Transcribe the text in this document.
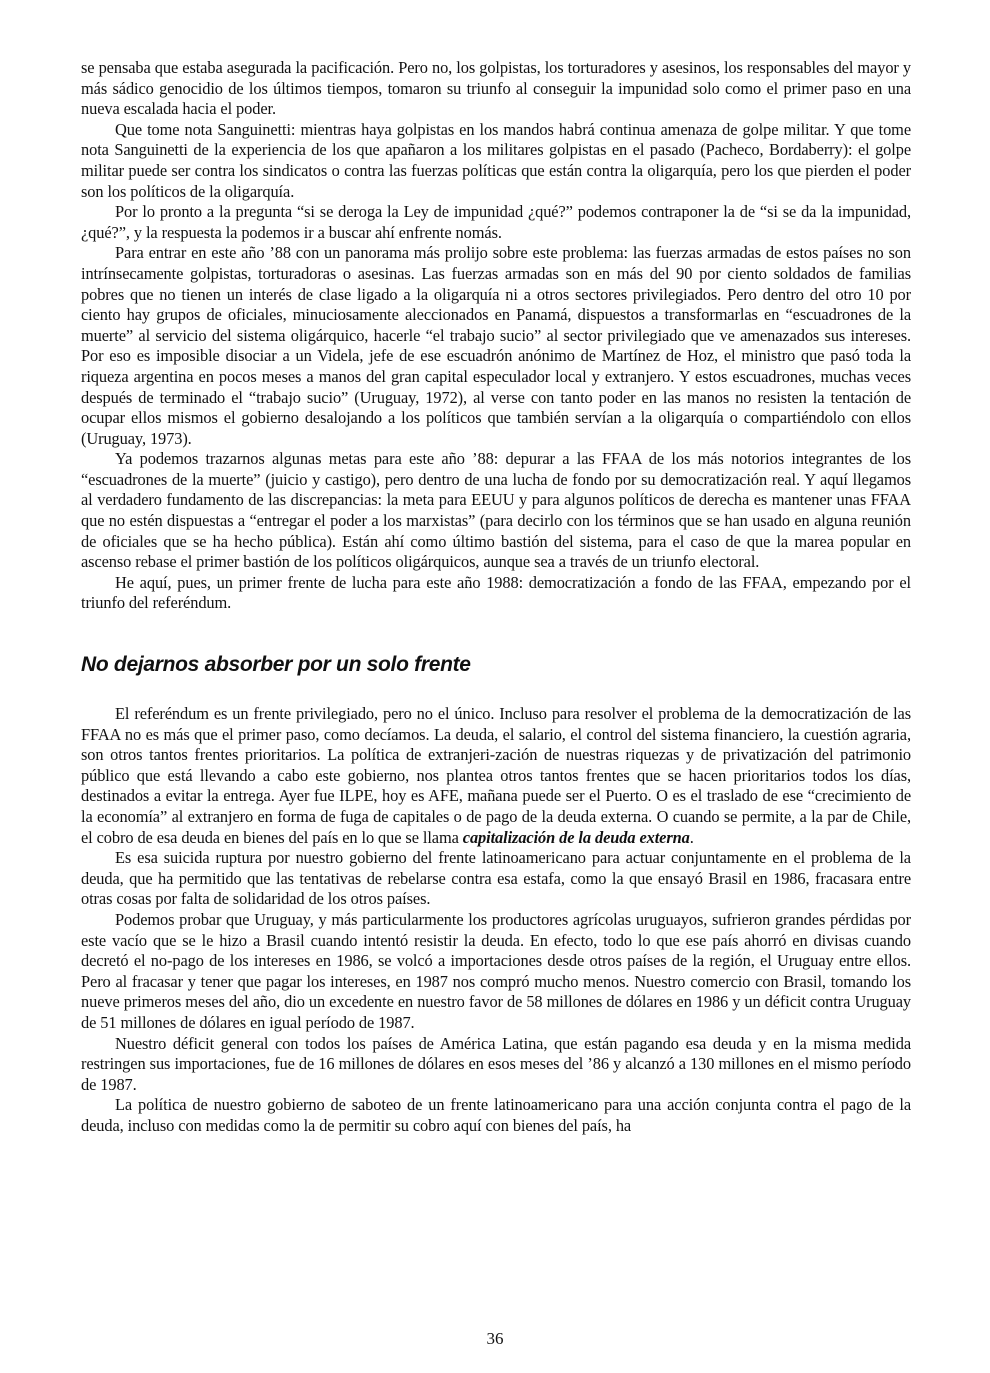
se pensaba que estaba asegurada la pacificación. Pero no, los golpistas, los torturadores y asesinos, los responsables del mayor y más sádico genocidio de los últimos tiempos, tomaron su triunfo al conseguir la impunidad solo como el primer paso en una nueva escalada hacia el poder.

Que tome nota Sanguinetti: mientras haya golpistas en los mandos habrá continua amenaza de golpe militar. Y que tome nota Sanguinetti de la experiencia de los que apañaron a los militares golpistas en el pasado (Pacheco, Bordaberry): el golpe militar puede ser contra los sindicatos o contra las fuerzas políticas que están contra la oligarquía, pero los que pierden el poder son los políticos de la oligarquía.

Por lo pronto a la pregunta “si se deroga la Ley de impunidad ¿qué?” podemos contraponer la de “si se da la impunidad, ¿qué?”, y la respuesta la podemos ir a buscar ahí enfrente nomás.

Para entrar en este año ’88 con un panorama más prolijo sobre este problema: las fuerzas armadas de estos países no son intrínsecamente golpistas, torturadoras o asesinas. Las fuerzas armadas son en más del 90 por ciento soldados de familias pobres que no tienen un interés de clase ligado a la oligarquía ni a otros sectores privilegiados. Pero dentro del otro 10 por ciento hay grupos de oficiales, minuciosamente aleccionados en Panamá, dispuestos a transformarlas en “escuadrones de la muerte” al servicio del sistema oligárquico, hacerle “el trabajo sucio” al sector privilegiado que ve amenazados sus intereses. Por eso es imposible disociar a un Videla, jefe de ese escuadrón anónimo de Martínez de Hoz, el ministro que pasó toda la riqueza argentina en pocos meses a manos del gran capital especulador local y extranjero. Y estos escuadrones, muchas veces después de terminado el “trabajo sucio” (Uruguay, 1972), al verse con tanto poder en las manos no resisten la tentación de ocupar ellos mismos el gobierno desalojando a los políticos que también servían a la oligarquía o compartiéndolo con ellos (Uruguay, 1973).

Ya podemos trazarnos algunas metas para este año ’88: depurar a las FFAA de los más notorios integrantes de los “escuadrones de la muerte” (juicio y castigo), pero dentro de una lucha de fondo por su democratización real. Y aquí llegamos al verdadero fundamento de las discrepancias: la meta para EEUU y para algunos políticos de derecha es mantener unas FFAA que no estén dispuestas a “entregar el poder a los marxistas” (para decirlo con los términos que se han usado en alguna reunión de oficiales que se ha hecho pública). Están ahí como último bastión del sistema, para el caso de que la marea popular en ascenso rebase el primer bastión de los políticos oligárquicos, aunque sea a través de un triunfo electoral.

He aquí, pues, un primer frente de lucha para este año 1988: democratización a fondo de las FFAA, empezando por el triunfo del referéndum.

No dejarnos absorber por un solo frente

El referéndum es un frente privilegiado, pero no el único. Incluso para resolver el problema de la democratización de las FFAA no es más que el primer paso, como decíamos. La deuda, el salario, el control del sistema financiero, la cuestión agraria, son otros tantos frentes prioritarios. La política de extranjeri-zación de nuestras riquezas y de privatización del patrimonio público que está llevando a cabo este gobierno, nos plantea otros tantos frentes que se hacen prioritarios todos los días, destinados a evitar la entrega. Ayer fue ILPE, hoy es AFE, mañana puede ser el Puerto. O es el traslado de ese “crecimiento de la economía” al extranjero en forma de fuga de capitales o de pago de la deuda externa. O cuando se permite, a la par de Chile, el cobro de esa deuda en bienes del país en lo que se llama capitalización de la deuda externa.

Es esa suicida ruptura por nuestro gobierno del frente latinoamericano para actuar conjuntamente en el problema de la deuda, que ha permitido que las tentativas de rebelarse contra esa estafa, como la que ensayó Brasil en 1986, fracasara entre otras cosas por falta de solidaridad de los otros países.

Podemos probar que Uruguay, y más particularmente los productores agrícolas uruguayos, sufrieron grandes pérdidas por este vacío que se le hizo a Brasil cuando intentó resistir la deuda. En efecto, todo lo que ese país ahorró en divisas cuando decretó el no-pago de los intereses en 1986, se volcó a importaciones desde otros países de la región, el Uruguay entre ellos. Pero al fracasar y tener que pagar los intereses, en 1987 nos compró mucho menos. Nuestro comercio con Brasil, tomando los nueve primeros meses del año, dio un excedente en nuestro favor de 58 millones de dólares en 1986 y un déficit contra Uruguay de 51 millones de dólares en igual período de 1987.

Nuestro déficit general con todos los países de América Latina, que están pagando esa deuda y en la misma medida restringen sus importaciones, fue de 16 millones de dólares en esos meses del ’86 y alcanzó a 130 millones en el mismo período de 1987.

La política de nuestro gobierno de saboteo de un frente latinoamericano para una acción conjunta contra el pago de la deuda, incluso con medidas como la de permitir su cobro aquí con bienes del país, ha

36
